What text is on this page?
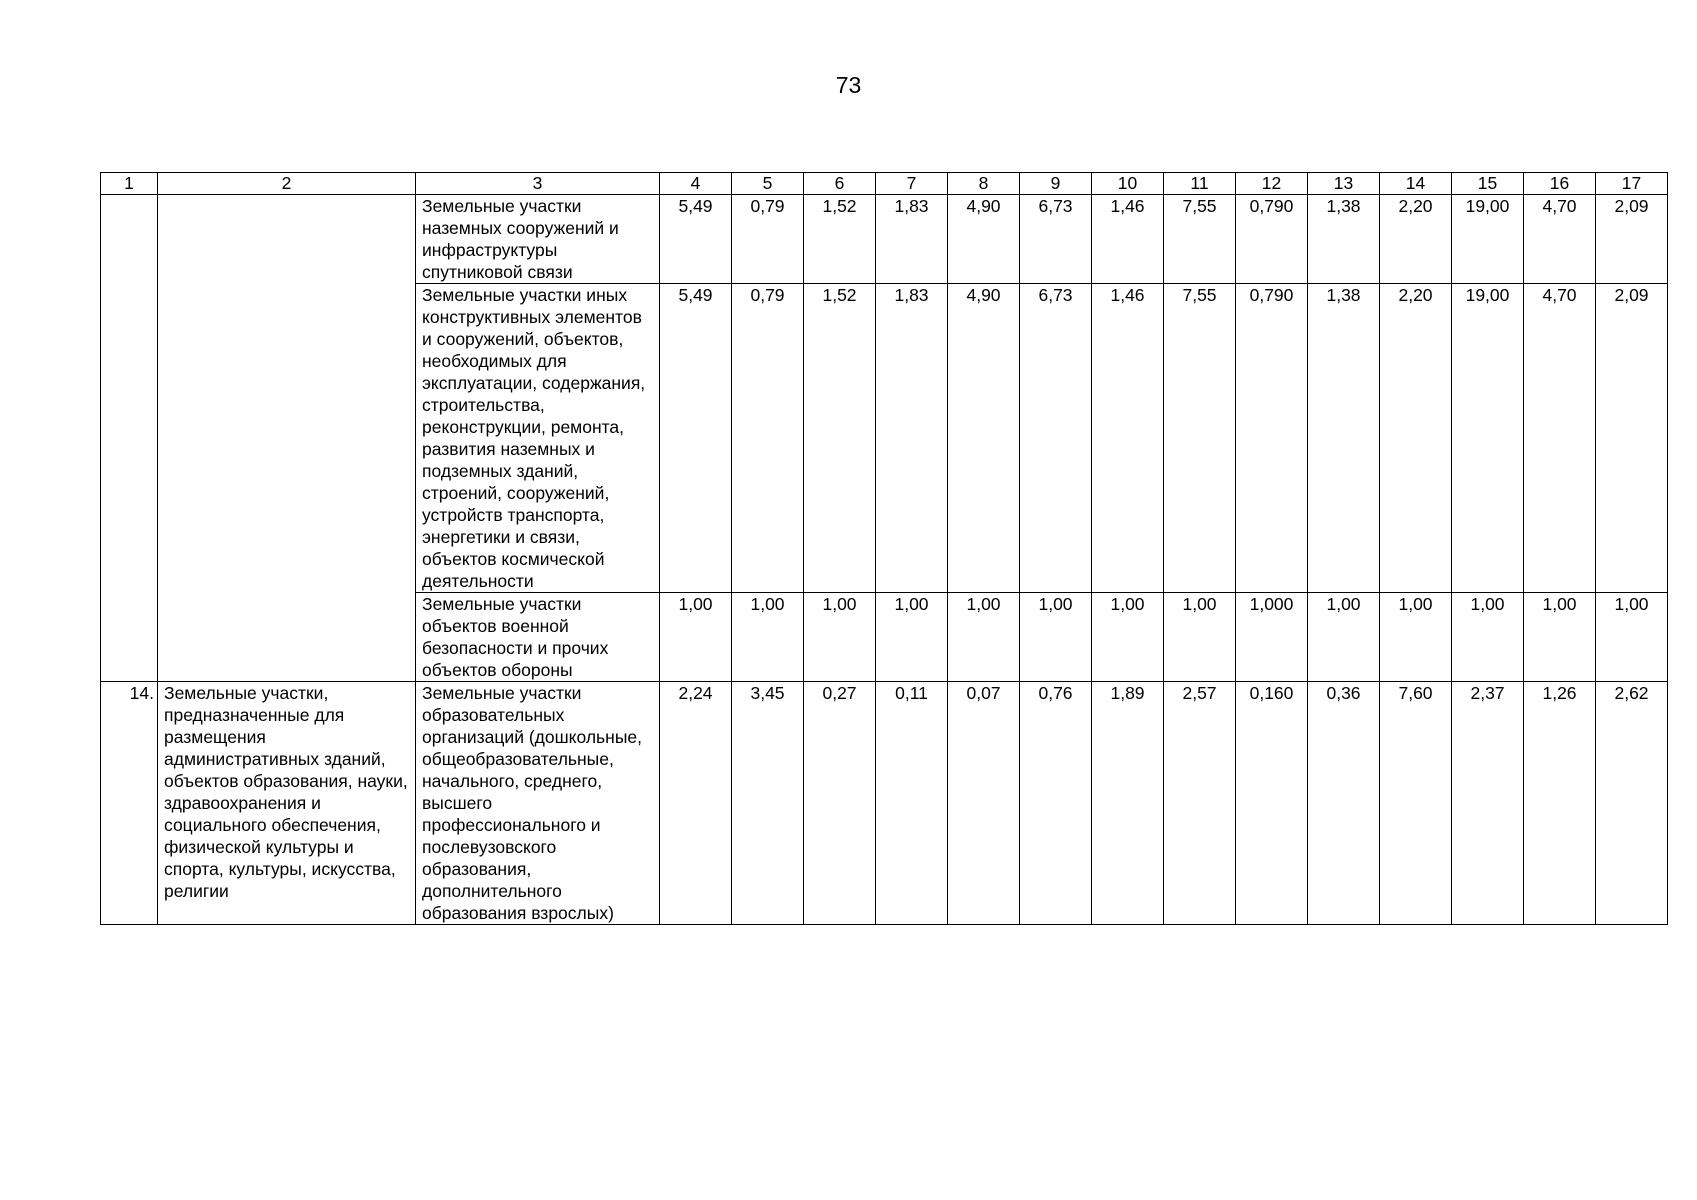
73
1	2	3	4	5	6	7	8	9	10	11	12	13	14	15	16	17
		Земельные участки наземных сооружений и инфраструктуры спутниковой связи	5,49	0,79	1,52	1,83	4,90	6,73	1,46	7,55	0,790	1,38	2,20	19,00	4,70	2,09
		Земельные участки иных конструктивных элементов и сооружений, объектов, необходимых для эксплуатации, содержания, строительства, реконструкции, ремонта, развития наземных и подземных зданий, строений, сооружений, устройств транспорта, энергетики и связи, объектов космической деятельности	5,49	0,79	1,52	1,83	4,90	6,73	1,46	7,55	0,790	1,38	2,20	19,00	4,70	2,09
		Земельные участки объектов военной безопасности и прочих объектов обороны	1,00	1,00	1,00	1,00	1,00	1,00	1,00	1,00	1,000	1,00	1,00	1,00	1,00	1,00
14.	Земельные участки, предназначенные для размещения административных зданий, объектов образования, науки, здравоохранения и социального обеспечения, физической культуры и спорта, культуры, искусства, религии	Земельные участки образовательных организаций (дошкольные, общеобразовательные, начального, среднего, высшего профессионального и послевузовского образования, дополнительного образования взрослых)	2,24	3,45	0,27	0,11	0,07	0,76	1,89	2,57	0,160	0,36	7,60	2,37	1,26	2,62
